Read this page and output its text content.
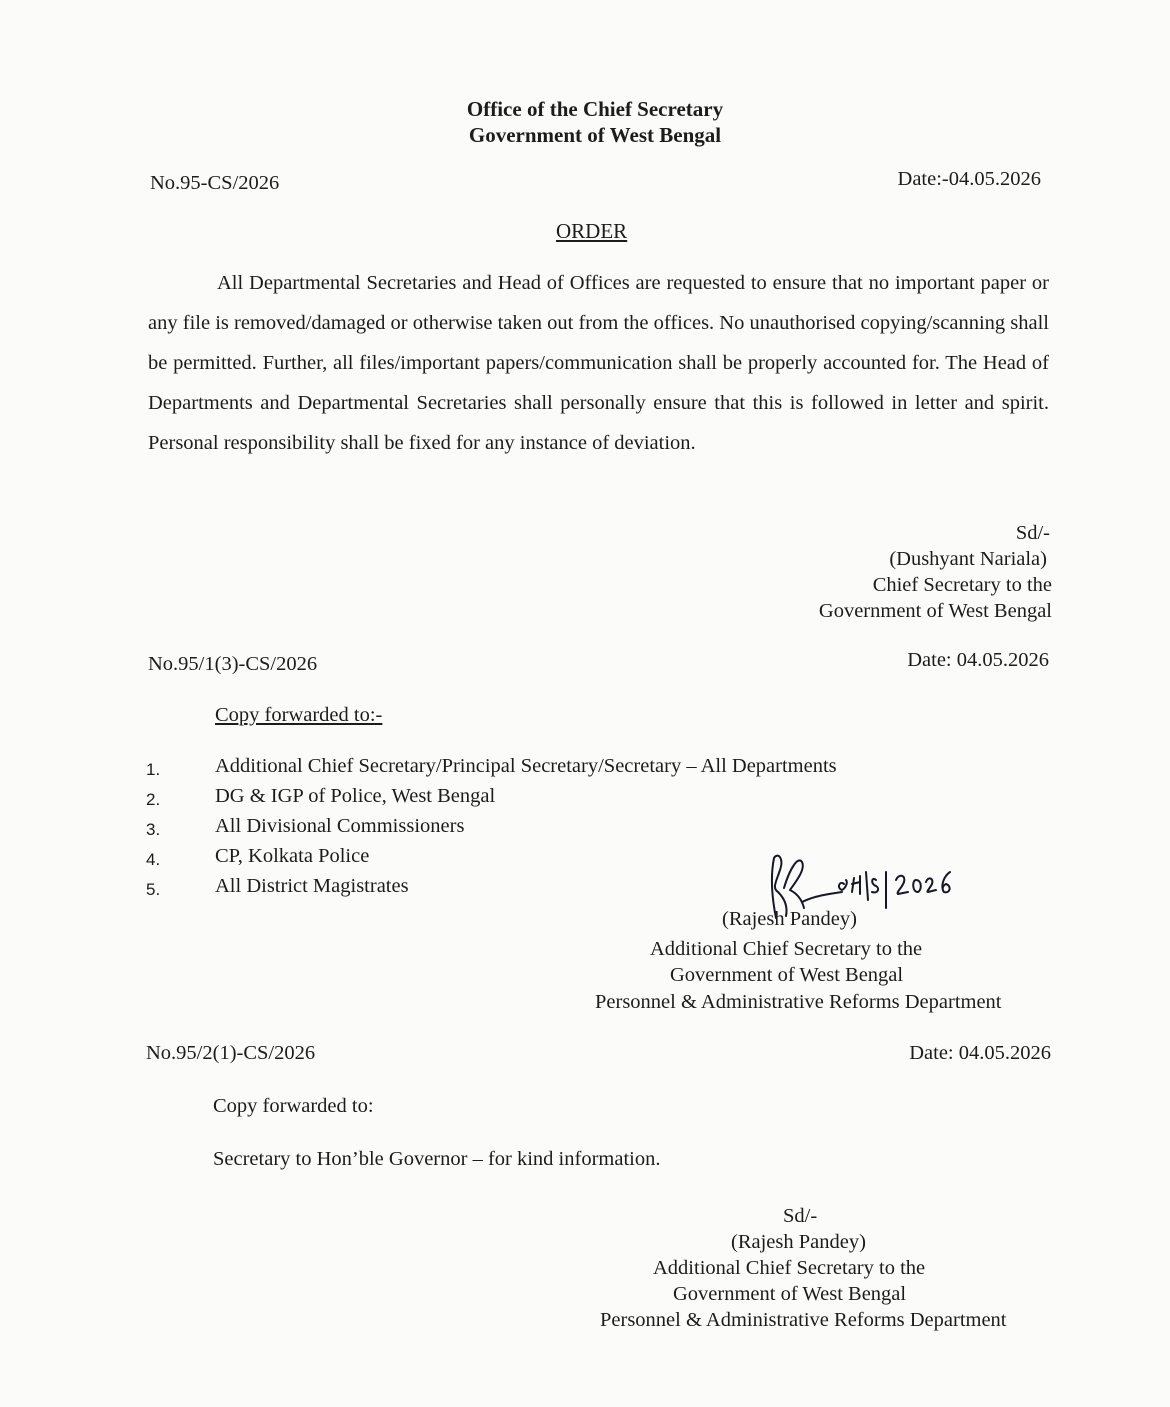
Office of the Chief Secretary
Government of West Bengal
No.95-CS/2026	Date:-04.05.2026
ORDER
All Departmental Secretaries and Head of Offices are requested to ensure that no important paper or any file is removed/damaged or otherwise taken out from the offices. No unauthorised copying/scanning shall be permitted. Further, all files/important papers/communication shall be properly accounted for. The Head of Departments and Departmental Secretaries shall personally ensure that this is followed in letter and spirit. Personal responsibility shall be fixed for any instance of deviation.
Sd/-
(Dushyant Nariala)
Chief Secretary to the
Government of West Bengal
No.95/1(3)-CS/2026	Date: 04.05.2026
Copy forwarded to:-
1.	Additional Chief Secretary/Principal Secretary/Secretary – All Departments
2.	DG & IGP of Police, West Bengal
3.	All Divisional Commissioners
4.	CP, Kolkata Police
5.	All District Magistrates
(Rajesh Pandey)
Additional Chief Secretary to the
Government of West Bengal
Personnel & Administrative Reforms Department
No.95/2(1)-CS/2026	Date: 04.05.2026
Copy forwarded to:
Secretary to Hon’ble Governor – for kind information.
Sd/-
(Rajesh Pandey)
Additional Chief Secretary to the
Government of West Bengal
Personnel & Administrative Reforms Department
